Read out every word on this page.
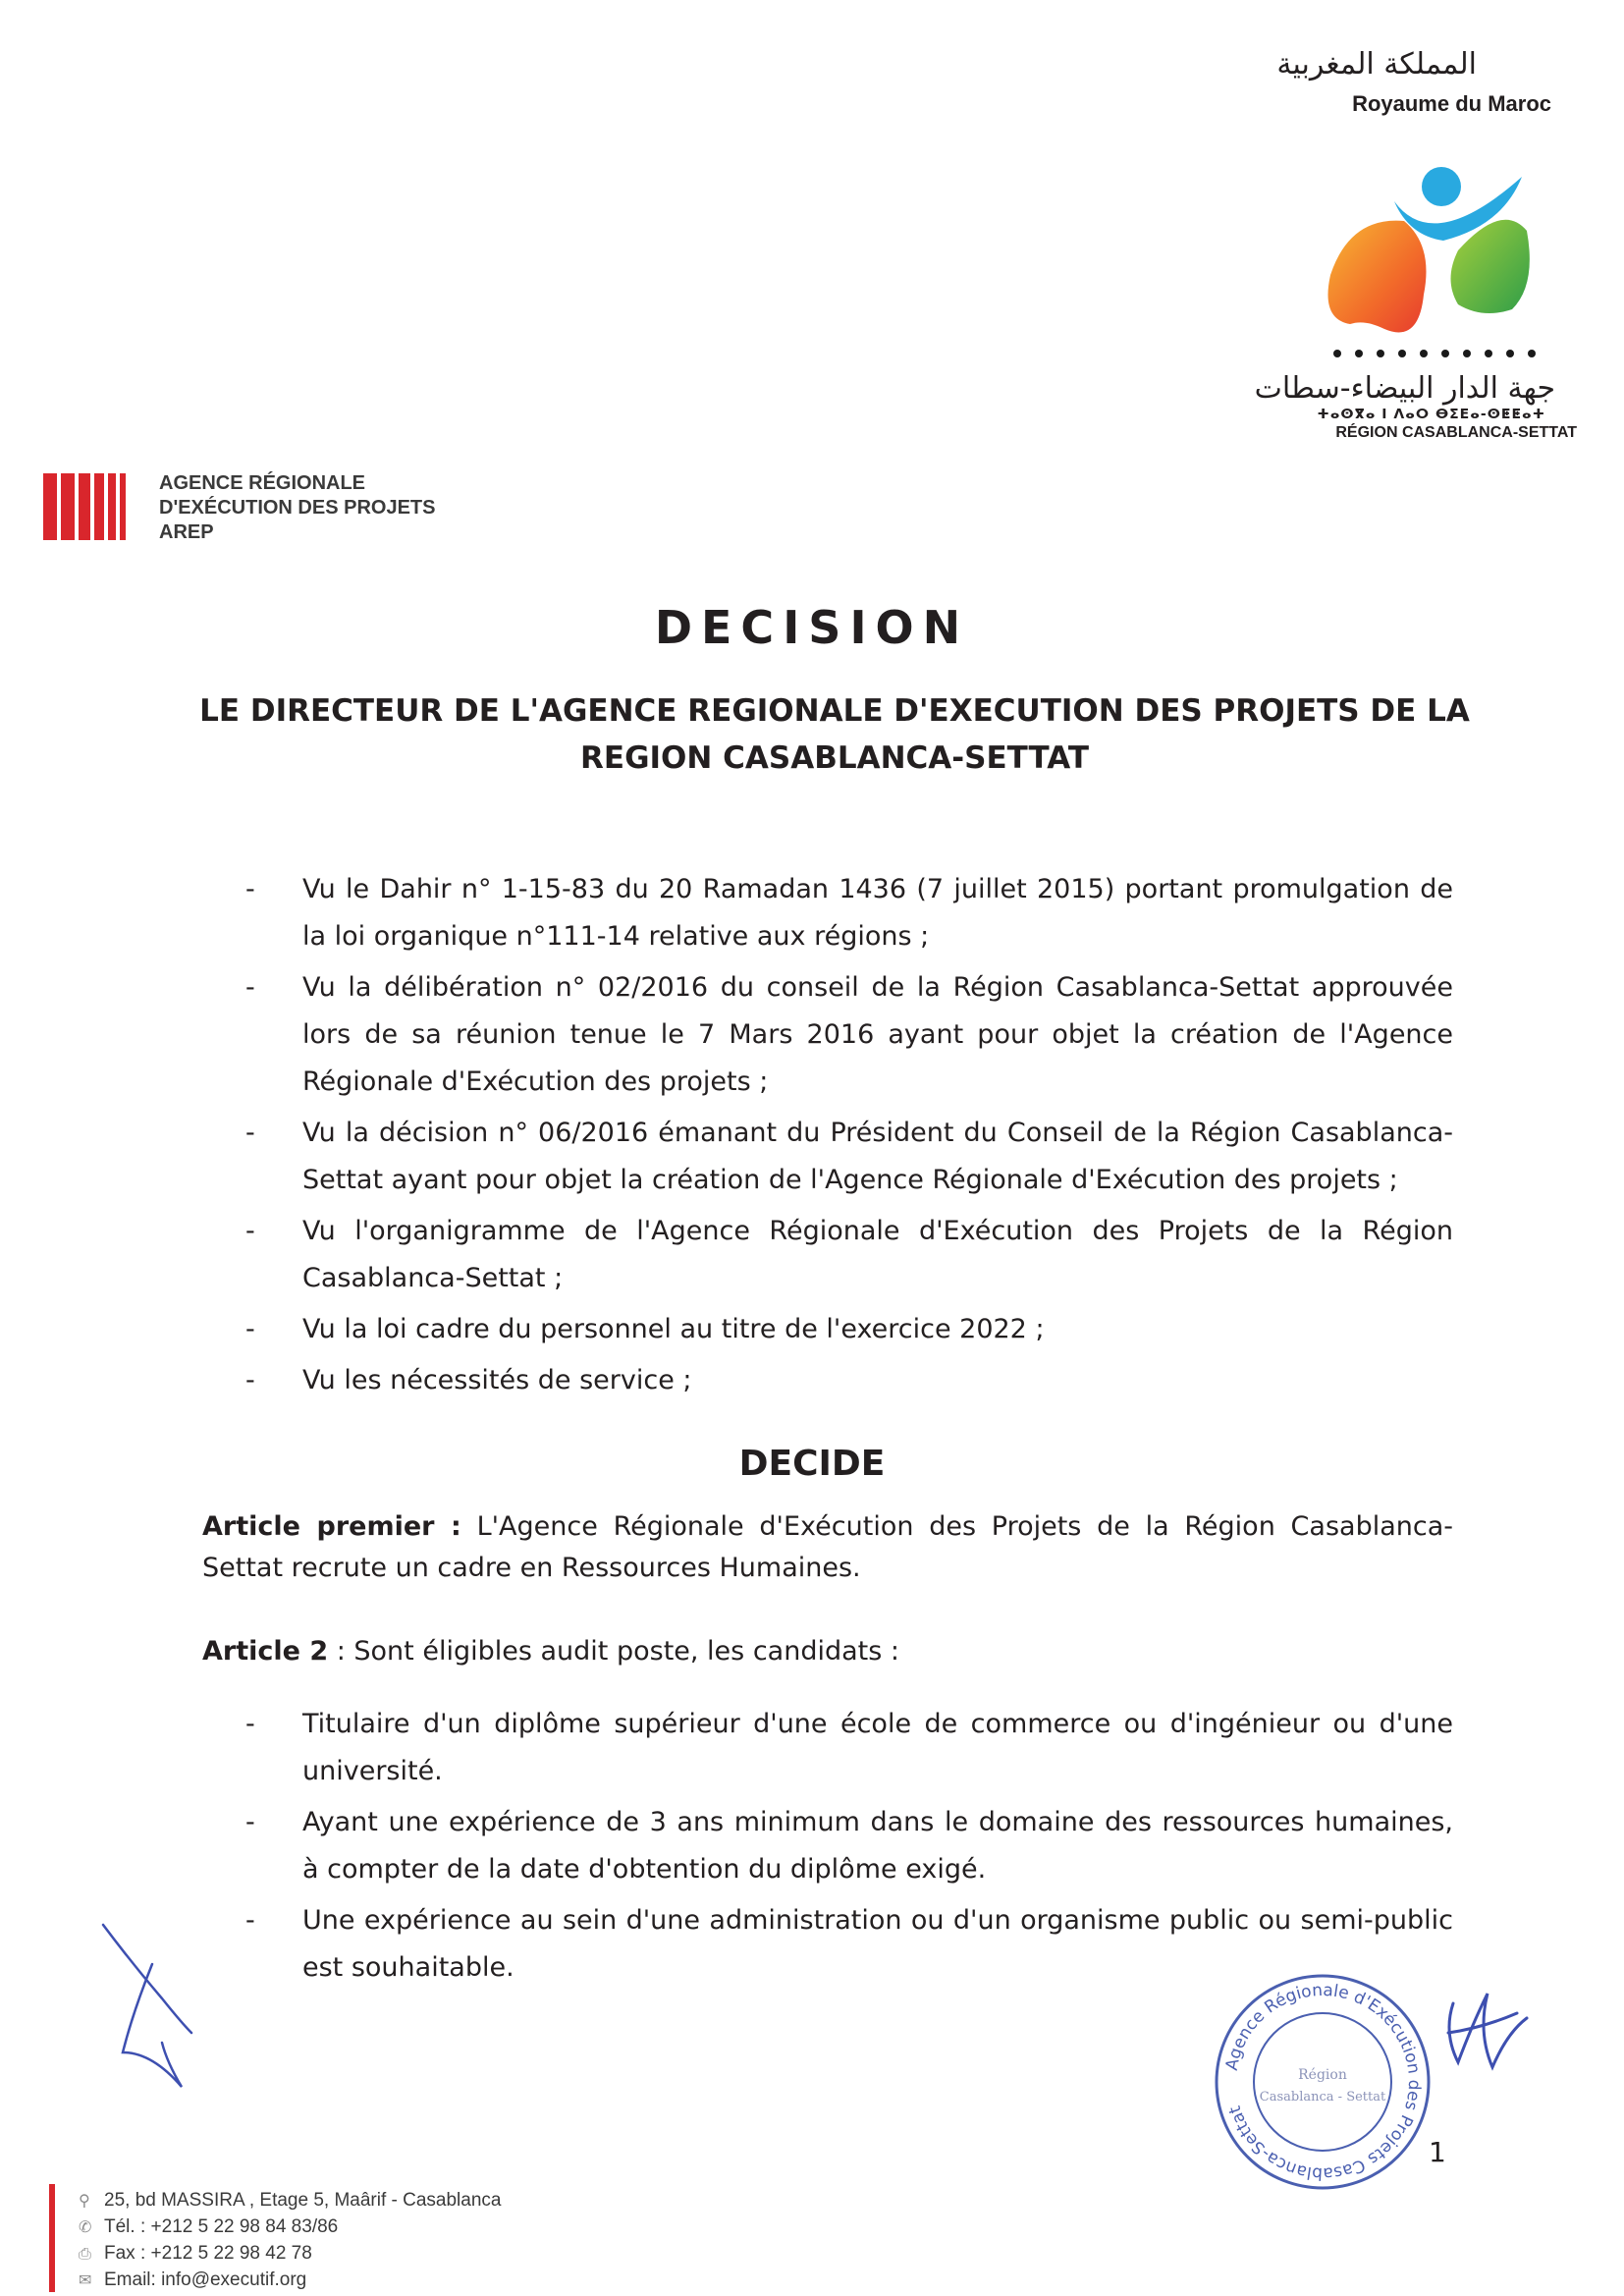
المملكة المغربية
Royaume du Maroc
جهة الدار البيضاء-سطات
ⵜⴰⵙⴳⴰ ⵏ ⴷⴰⵔ ⴱⵉⴹⴰ-ⵙⵟⵟⴰⵜ
RÉGION CASABLANCA-SETTAT
AGENCE RÉGIONALE
D'EXÉCUTION DES PROJETS
AREP
DECISION
LE DIRECTEUR DE L'AGENCE REGIONALE D'EXECUTION DES PROJETS DE LA REGION CASABLANCA-SETTAT
- Vu le Dahir n° 1-15-83 du 20 Ramadan 1436 (7 juillet 2015) portant promulgation de la loi organique n°111-14 relative aux régions ;
- Vu la délibération n° 02/2016 du conseil de la Région Casablanca-Settat approuvée lors de sa réunion tenue le 7 Mars 2016 ayant pour objet la création de l'Agence Régionale d'Exécution des projets ;
- Vu la décision n° 06/2016 émanant du Président du Conseil de la Région Casablanca-Settat ayant pour objet la création de l'Agence Régionale d'Exécution des projets ;
- Vu l'organigramme de l'Agence Régionale d'Exécution des Projets de la Région Casablanca-Settat ;
- Vu la loi cadre du personnel au titre de l'exercice 2022 ;
- Vu les nécessités de service ;
DECIDE
Article premier : L'Agence Régionale d'Exécution des Projets de la Région Casablanca-Settat recrute un cadre en Ressources Humaines.
Article 2 : Sont éligibles audit poste, les candidats :
- Titulaire d'un diplôme supérieur d'une école de commerce ou d'ingénieur ou d'une université.
- Ayant une expérience de 3 ans minimum dans le domaine des ressources humaines, à compter de la date d'obtention du diplôme exigé.
- Une expérience au sein d'une administration ou d'un organisme public ou semi-public est souhaitable.
Agence Régionale d'Exécution des Projets Casablanca-Settat
Région
Casablanca - Settat
1
⚲ 25, bd MASSIRA , Etage 5, Maârif - Casablanca
✆ Tél. : +212 5 22 98 84 83/86
⎙ Fax : +212 5 22 98 42 78
✉ Email: info@executif.org
